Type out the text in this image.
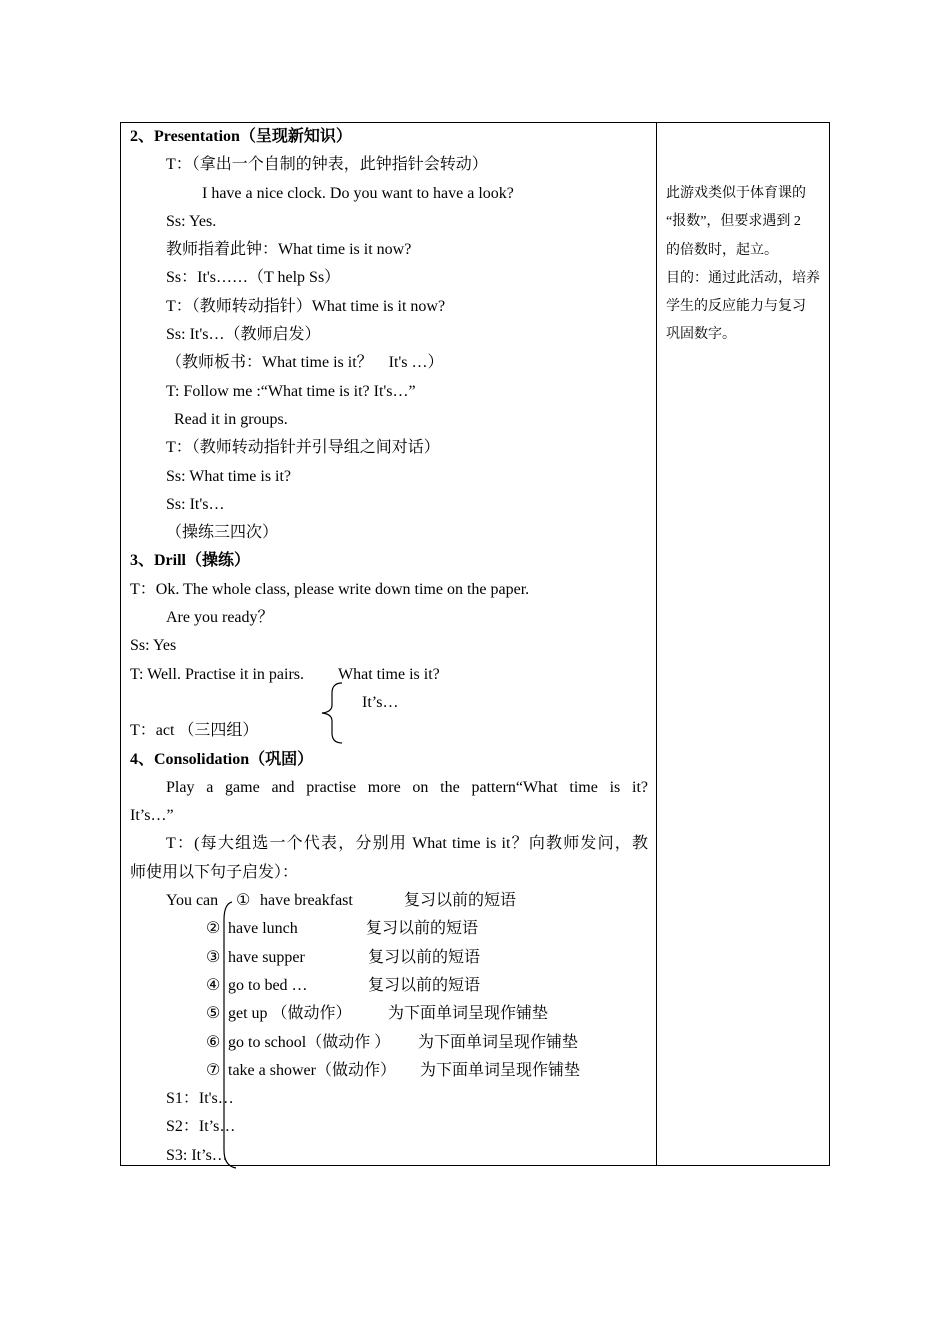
2、Presentation（呈现新知识）
T：（拿出一个自制的钟表，此钟指针会转动）
I have a nice clock. Do you want to have a look?
Ss: Yes.
教师指着此钟：What time is it now?
Ss：It's……（T help Ss）
T：（教师转动指针）What time is it now?
Ss: It's…（教师启发）
（教师板书：What time is it？　It's …）
T: Follow me :“What time is it? It's…”
Read it in groups.
T：（教师转动指针并引导组之间对话）
Ss: What time is it?
Ss: It's…
（操练三四次）
3、Drill（操练）
T：Ok. The whole class, please write down time on the paper.
Are you ready？
Ss: Yes
T: Well. Practise it in pairs. What time is it?
It’s…
T：act （三四组）
4、Consolidation（巩固）
Play a game and practise more on the pattern“What time is it?
It’s…”
T：(每大组选一个代表，分别用 What time is it？向教师发问，教
师使用以下句子启发）：
You can ① have breakfast	复习以前的短语
② have lunch	复习以前的短语
③ have supper	复习以前的短语
④ go to bed …	复习以前的短语
⑤ get up （做动作） 为下面单词呈现作铺垫
⑥ go to school（做动作 ） 为下面单词呈现作铺垫
⑦ take a shower（做动作） 为下面单词呈现作铺垫
S1：It's…
S2：It’s…
S3: It’s…
此游戏类似于体育课的
“报数”，但要求遇到 2
的倍数时，起立。
目的：通过此活动，培养
学生的反应能力与复习
巩固数字。
